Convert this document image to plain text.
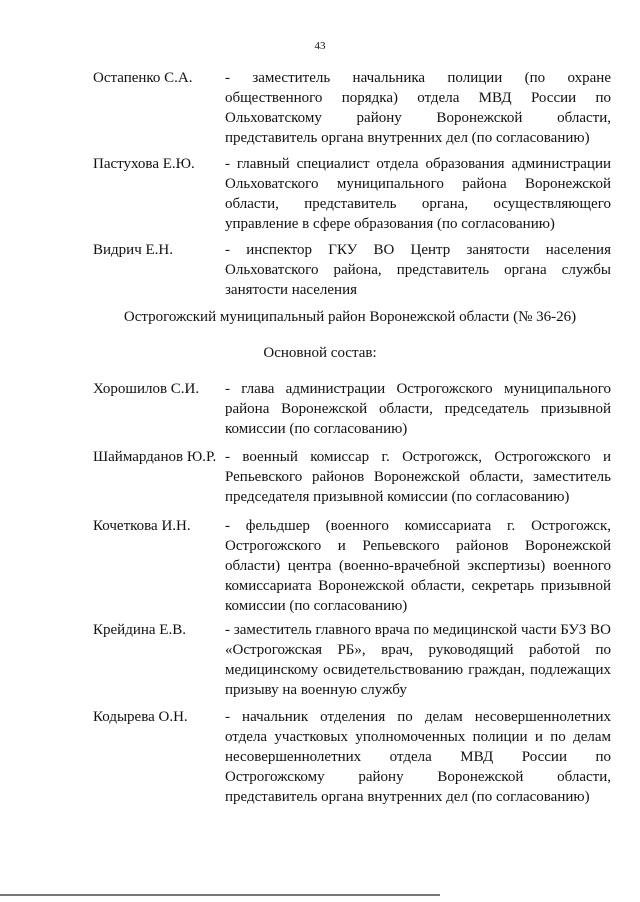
43
Остапенко С.А.	- заместитель начальника полиции (по охране общественного порядка) отдела МВД России по Ольховатскому району Воронежской области, представитель органа внутренних дел (по согласованию)
Пастухова Е.Ю.	- главный специалист отдела образования администрации Ольховатского муниципального района Воронежской области, представитель органа, осуществляющего управление в сфере образования (по согласованию)
Видрич Е.Н.	- инспектор ГКУ ВО Центр занятости населения Ольховатского района, представитель органа службы занятости населения
Острогожский муниципальный район Воронежской области (№ 36-26)
Основной состав:
Хорошилов С.И.	- глава администрации Острогожского муниципального района Воронежской области, председатель призывной комиссии (по согласованию)
Шаймарданов Ю.Р. - военный комиссар г. Острогожск, Острогожского и Репьевского районов Воронежской области, заместитель председателя призывной комиссии (по согласованию)
Кочеткова И.Н.	- фельдшер (военного комиссариата г. Острогожск, Острогожского и Репьевского районов Воронежской области) центра (военно-врачебной экспертизы) военного комиссариата Воронежской области, секретарь призывной комиссии (по согласованию)
Крейдина Е.В.	- заместитель главного врача по медицинской части БУЗ ВО «Острогожская РБ», врач, руководящий работой по медицинскому освидетельствованию граждан, подлежащих призыву на военную службу
Кодырева О.Н.	- начальник отделения по делам несовершеннолетних отдела участковых уполномоченных полиции и по делам несовершеннолетних отдела МВД России по Острогожскому району Воронежской области, представитель органа внутренних дел (по согласованию)
